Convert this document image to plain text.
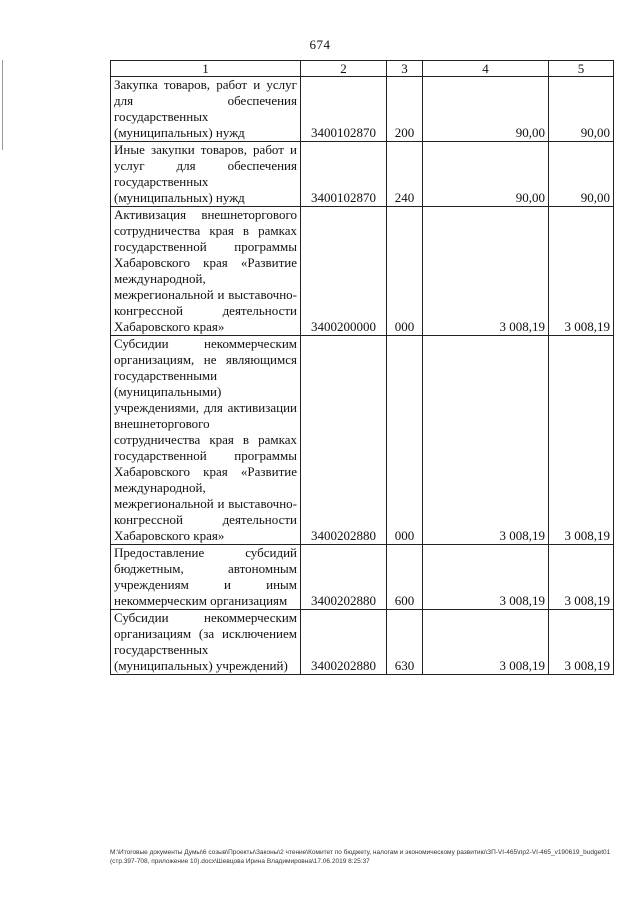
674
1	2	3	4	5
Закупка товаров, работ и услуг для обеспечения государственных (муниципальных) нужд	3400102870	200	90,00	90,00
Иные закупки товаров, работ и услуг для обеспечения государственных (муниципальных) нужд	3400102870	240	90,00	90,00
Активизация внешнеторгового сотрудничества края в рамках государственной программы Хабаровского края «Развитие международной, межрегиональной и выставочно-конгрессной деятельности Хабаровского края»	3400200000	000	3 008,19	3 008,19
Субсидии некоммерческим организациям, не являющимся государственными (муниципальными) учреждениями, для активизации внешнеторгового сотрудничества края в рамках государственной программы Хабаровского края «Развитие международной, межрегиональной и выставочно-конгрессной деятельности Хабаровского края»	3400202880	000	3 008,19	3 008,19
Предоставление субсидий бюджетным, автономным учреждениям и иным некоммерческим организациям	3400202880	600	3 008,19	3 008,19
Субсидии некоммерческим организациям (за исключением государственных (муниципальных) учреждений)	3400202880	630	3 008,19	3 008,19
M:\Итоговые документы Думы\6 созыв\Проекты\Законы\2 чтение\Комитет по бюджету, налогам и экономическому развитию\ЗП-VI-465\пр2-VI-465_v190619_budget01 (стр.397-708, приложение 10).docx\Шевцова Ирина Владимировна\17.06.2019 8:25:37
